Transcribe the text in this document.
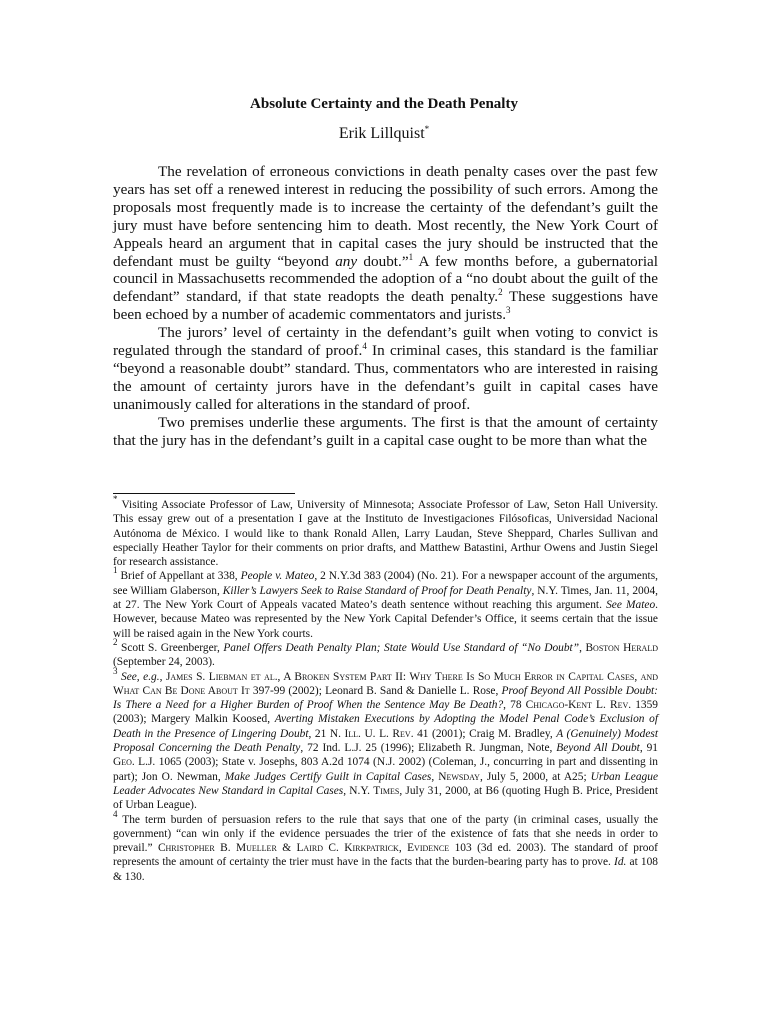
Absolute Certainty and the Death Penalty
Erik Lillquist*

The revelation of erroneous convictions in death penalty cases over the past few years has set off a renewed interest in reducing the possibility of such errors. Among the proposals most frequently made is to increase the certainty of the defendant’s guilt the jury must have before sentencing him to death. Most recently, the New York Court of Appeals heard an argument that in capital cases the jury should be instructed that the defendant must be guilty “beyond any doubt.”$^1$ A few months before, a gubernatorial council in Massachusetts recommended the adoption of a “no doubt about the guilt of the defendant” standard, if that state readopts the death penalty.$^2$ These suggestions have been echoed by a number of academic commentators and jurists.$^3$

The jurors’ level of certainty in the defendant’s guilt when voting to convict is regulated through the standard of proof.$^4$ In criminal cases, this standard is the familiar “beyond a reasonable doubt” standard. Thus, commentators who are interested in raising the amount of certainty jurors have in the defendant’s guilt in capital cases have unanimously called for alterations in the standard of proof.

Two premises underlie these arguments. The first is that the amount of certainty that the jury has in the defendant’s guilt in a capital case ought to be more than what the

* Visiting Associate Professor of Law, University of Minnesota; Associate Professor of Law, Seton Hall University. This essay grew out of a presentation I gave at the Instituto de Investigaciones Filósoficas, Universidad Nacional Autónoma de México. I would like to thank Ronald Allen, Larry Laudan, Steve Sheppard, Charles Sullivan and especially Heather Taylor for their comments on prior drafts, and Matthew Batastini, Arthur Owens and Justin Siegel for research assistance.

$^1$ Brief of Appellant at 338, People v. Mateo, 2 N.Y.3d 383 (2004) (No. 21). For a newspaper account of the arguments, see William Glaberson, Killer’s Lawyers Seek to Raise Standard of Proof for Death Penalty, N.Y. Times, Jan. 11, 2004, at 27. The New York Court of Appeals vacated Mateo’s death sentence without reaching this argument. See Mateo. However, because Mateo was represented by the New York Capital Defender’s Office, it seems certain that the issue will be raised again in the New York courts.

$^2$ Scott S. Greenberger, Panel Offers Death Penalty Plan; State Would Use Standard of “No Doubt”, Boston Herald (September 24, 2003).

$^3$ See, e.g., James S. Liebman et al., A Broken System Part II: Why There Is So Much Error in Capital Cases, and What Can Be Done About It 397-99 (2002); Leonard B. Sand & Danielle L. Rose, Proof Beyond All Possible Doubt: Is There a Need for a Higher Burden of Proof When the Sentence May Be Death?, 78 Chicago-Kent L. Rev. 1359 (2003); Margery Malkin Koosed, Averting Mistaken Executions by Adopting the Model Penal Code’s Exclusion of Death in the Presence of Lingering Doubt, 21 N. Ill. U. L. Rev. 41 (2001); Craig M. Bradley, A (Genuinely) Modest Proposal Concerning the Death Penalty, 72 Ind. L.J. 25 (1996); Elizabeth R. Jungman, Note, Beyond All Doubt, 91 Geo. L.J. 1065 (2003); State v. Josephs, 803 A.2d 1074 (N.J. 2002) (Coleman, J., concurring in part and dissenting in part); Jon O. Newman, Make Judges Certify Guilt in Capital Cases, Newsday, July 5, 2000, at A25; Urban League Leader Advocates New Standard in Capital Cases, N.Y. Times, July 31, 2000, at B6 (quoting Hugh B. Price, President of Urban League).

$^4$ The term burden of persuasion refers to the rule that says that one of the party (in criminal cases, usually the government) “can win only if the evidence persuades the trier of the existence of fats that she needs in order to prevail.” Christopher B. Mueller & Laird C. Kirkpatrick, Evidence 103 (3d ed. 2003). The standard of proof represents the amount of certainty the trier must have in the facts that the burden-bearing party has to prove. Id. at 108 & 130.
